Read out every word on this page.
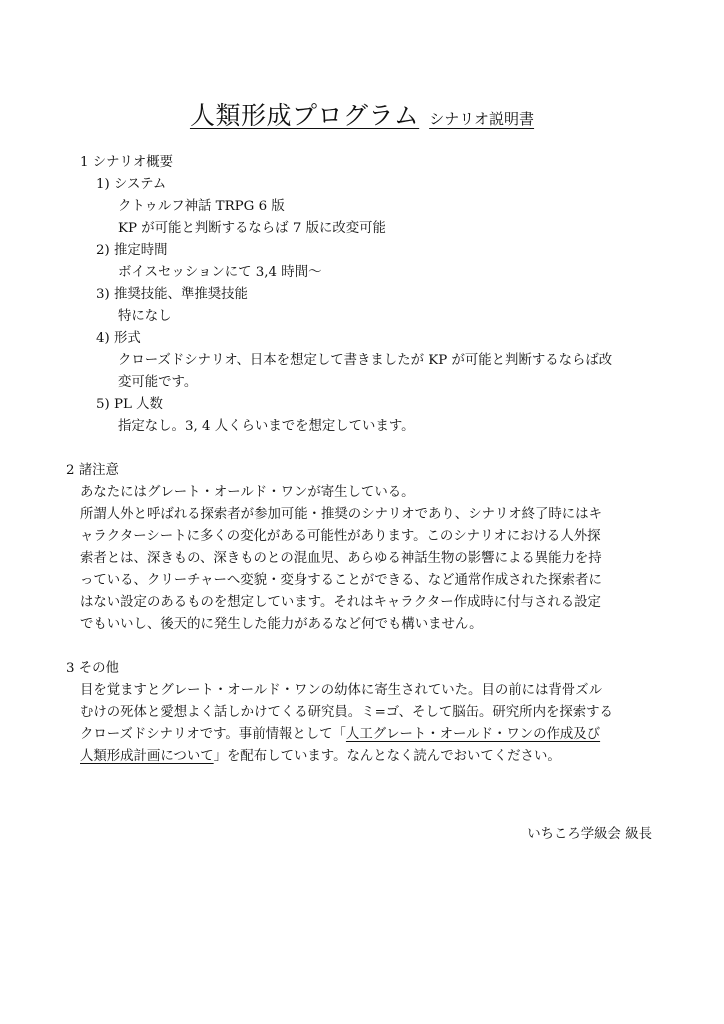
人類形成プログラム シナリオ説明書
1 シナリオ概要
1) システム
クトゥルフ神話 TRPG 6 版
KP が可能と判断するならば 7 版に改変可能
2) 推定時間
ボイスセッションにて 3,4 時間〜
3) 推奨技能、準推奨技能
特になし
4) 形式
クローズドシナリオ、日本を想定して書きましたが KP が可能と判断するならば改
変可能です。
5) PL 人数
指定なし。3, 4 人くらいまでを想定しています。
2 諸注意
あなたにはグレート・オールド・ワンが寄生している。
所謂人外と呼ばれる探索者が参加可能・推奨のシナリオであり、シナリオ終了時にはキ
ャラクターシートに多くの変化がある可能性があります。このシナリオにおける人外探
索者とは、深きもの、深きものとの混血児、あらゆる神話生物の影響による異能力を持
っている、クリーチャーへ変貌・変身することができる、など通常作成された探索者に
はない設定のあるものを想定しています。それはキャラクター作成時に付与される設定
でもいいし、後天的に発生した能力があるなど何でも構いません。
3 その他
目を覚ますとグレート・オールド・ワンの幼体に寄生されていた。目の前には背骨ズル
むけの死体と愛想よく話しかけてくる研究員。ミ=ゴ、そして脳缶。研究所内を探索する
クローズドシナリオです。事前情報として「人工グレート・オールド・ワンの作成及び
人類形成計画について」を配布しています。なんとなく読んでおいてください。
いちころ学級会 級長
